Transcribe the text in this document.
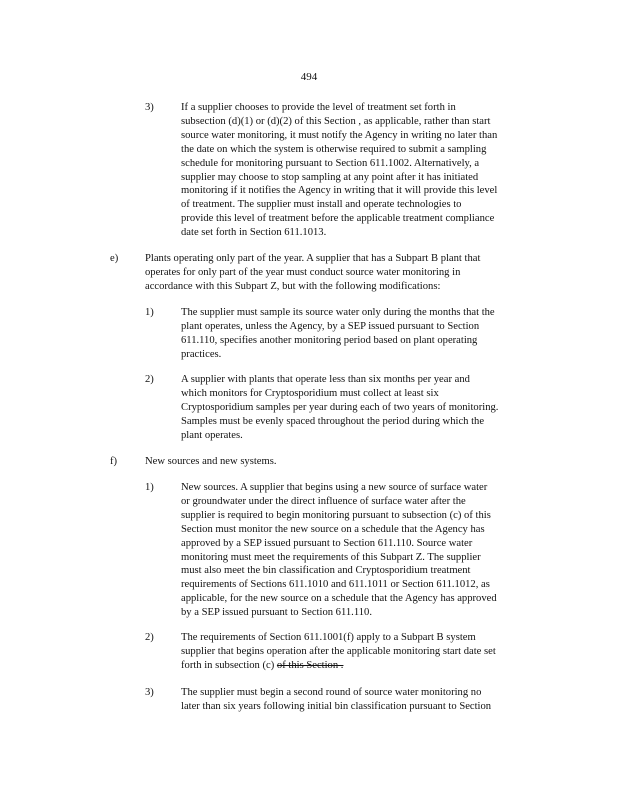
494
3)	If a supplier chooses to provide the level of treatment set forth in
subsection (d)(1) or (d)(2) of this Section , as applicable, rather than start
source water monitoring, it must notify the Agency in writing no later than
the date on which the system is otherwise required to submit a sampling
schedule for monitoring pursuant to Section 611.1002. Alternatively, a
supplier may choose to stop sampling at any point after it has initiated
monitoring if it notifies the Agency in writing that it will provide this level
of treatment. The supplier must install and operate technologies to
provide this level of treatment before the applicable treatment compliance
date set forth in Section 611.1013.
e)	Plants operating only part of the year. A supplier that has a Subpart B plant that
operates for only part of the year must conduct source water monitoring in
accordance with this Subpart Z, but with the following modifications:
1)	The supplier must sample its source water only during the months that the
plant operates, unless the Agency, by a SEP issued pursuant to Section
611.110, specifies another monitoring period based on plant operating
practices.
2)	A supplier with plants that operate less than six months per year and
which monitors for Cryptosporidium must collect at least six
Cryptosporidium samples per year during each of two years of monitoring.
Samples must be evenly spaced throughout the period during which the
plant operates.
f)	New sources and new systems.
1)	New sources. A supplier that begins using a new source of surface water
or groundwater under the direct influence of surface water after the
supplier is required to begin monitoring pursuant to subsection (c) of this
Section must monitor the new source on a schedule that the Agency has
approved by a SEP issued pursuant to Section 611.110. Source water
monitoring must meet the requirements of this Subpart Z. The supplier
must also meet the bin classification and Cryptosporidium treatment
requirements of Sections 611.1010 and 611.1011 or Section 611.1012, as
applicable, for the new source on a schedule that the Agency has approved
by a SEP issued pursuant to Section 611.110.
2)	The requirements of Section 611.1001(f) apply to a Subpart B system
supplier that begins operation after the applicable monitoring start date set
forth in subsection (c) of this Section .
3)	The supplier must begin a second round of source water monitoring no
later than six years following initial bin classification pursuant to Section
